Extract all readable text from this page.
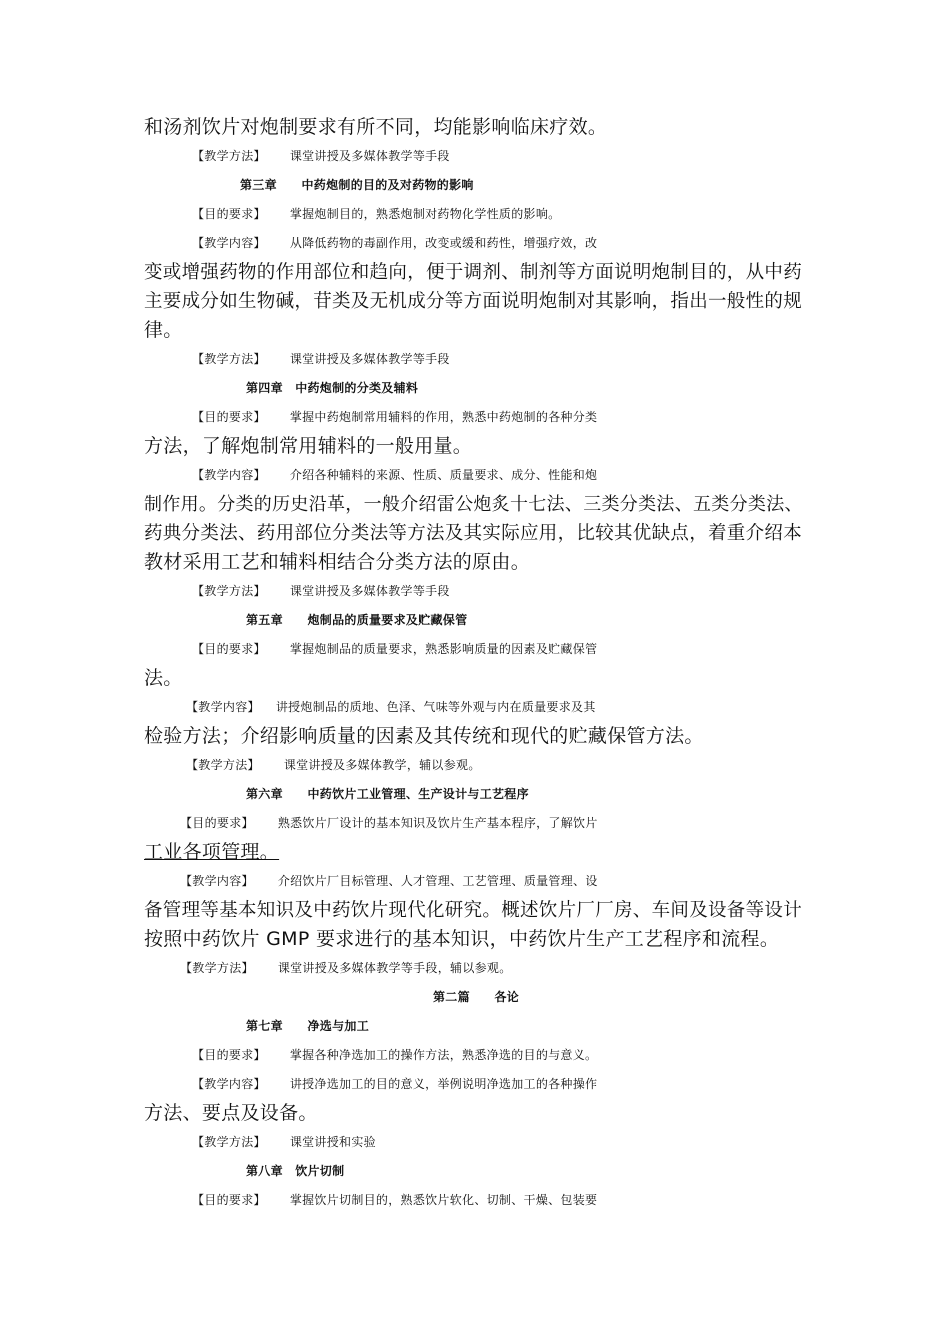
和汤剂饮片对炮制要求有所不同，均能影响临床疗效。
【教学方法】 课堂讲授及多媒体教学等手段
第三章　　中药炮制的目的及对药物的影响
【目的要求】 掌握炮制目的，熟悉炮制对药物化学性质的影响。
【教学内容】 从降低药物的毒副作用，改变或缓和药性，增强疗效，改
变或增强药物的作用部位和趋向，便于调剂、制剂等方面说明炮制目的，从中药
主要成分如生物碱，苷类及无机成分等方面说明炮制对其影响，指出一般性的规
律。
【教学方法】 课堂讲授及多媒体教学等手段
第四章　中药炮制的分类及辅料
【目的要求】 掌握中药炮制常用辅料的作用，熟悉中药炮制的各种分类
方法，了解炮制常用辅料的一般用量。
【教学内容】 介绍各种辅料的来源、性质、质量要求、成分、性能和炮
制作用。分类的历史沿革，一般介绍雷公炮炙十七法、三类分类法、五类分类法、
药典分类法、药用部位分类法等方法及其实际应用，比较其优缺点，着重介绍本
教材采用工艺和辅料相结合分类方法的原由。
【教学方法】 课堂讲授及多媒体教学等手段
第五章　　炮制品的质量要求及贮藏保管
【目的要求】 掌握炮制品的质量要求，熟悉影响质量的因素及贮藏保管
法。
【教学内容】 讲授炮制品的质地、色泽、气味等外观与内在质量要求及其
检验方法；介绍影响质量的因素及其传统和现代的贮藏保管方法。
【教学方法】 课堂讲授及多媒体教学，辅以参观。
第六章　　中药饮片工业管理、生产设计与工艺程序
【目的要求】 熟悉饮片厂设计的基本知识及饮片生产基本程序，了解饮片
工业各项管理。
【教学内容】 介绍饮片厂目标管理、人才管理、工艺管理、质量管理、设
备管理等基本知识及中药饮片现代化研究。概述饮片厂厂房、车间及设备等设计
按照中药饮片 GMP 要求进行的基本知识，中药饮片生产工艺程序和流程。
【教学方法】 课堂讲授及多媒体教学等手段，辅以参观。
第二篇　　各论
第七章　　净选与加工
【目的要求】 掌握各种净选加工的操作方法，熟悉净选的目的与意义。
【教学内容】 讲授净选加工的目的意义，举例说明净选加工的各种操作
方法、要点及设备。
【教学方法】 课堂讲授和实验
第八章　饮片切制
【目的要求】 掌握饮片切制目的，熟悉饮片软化、切制、干燥、包装要
